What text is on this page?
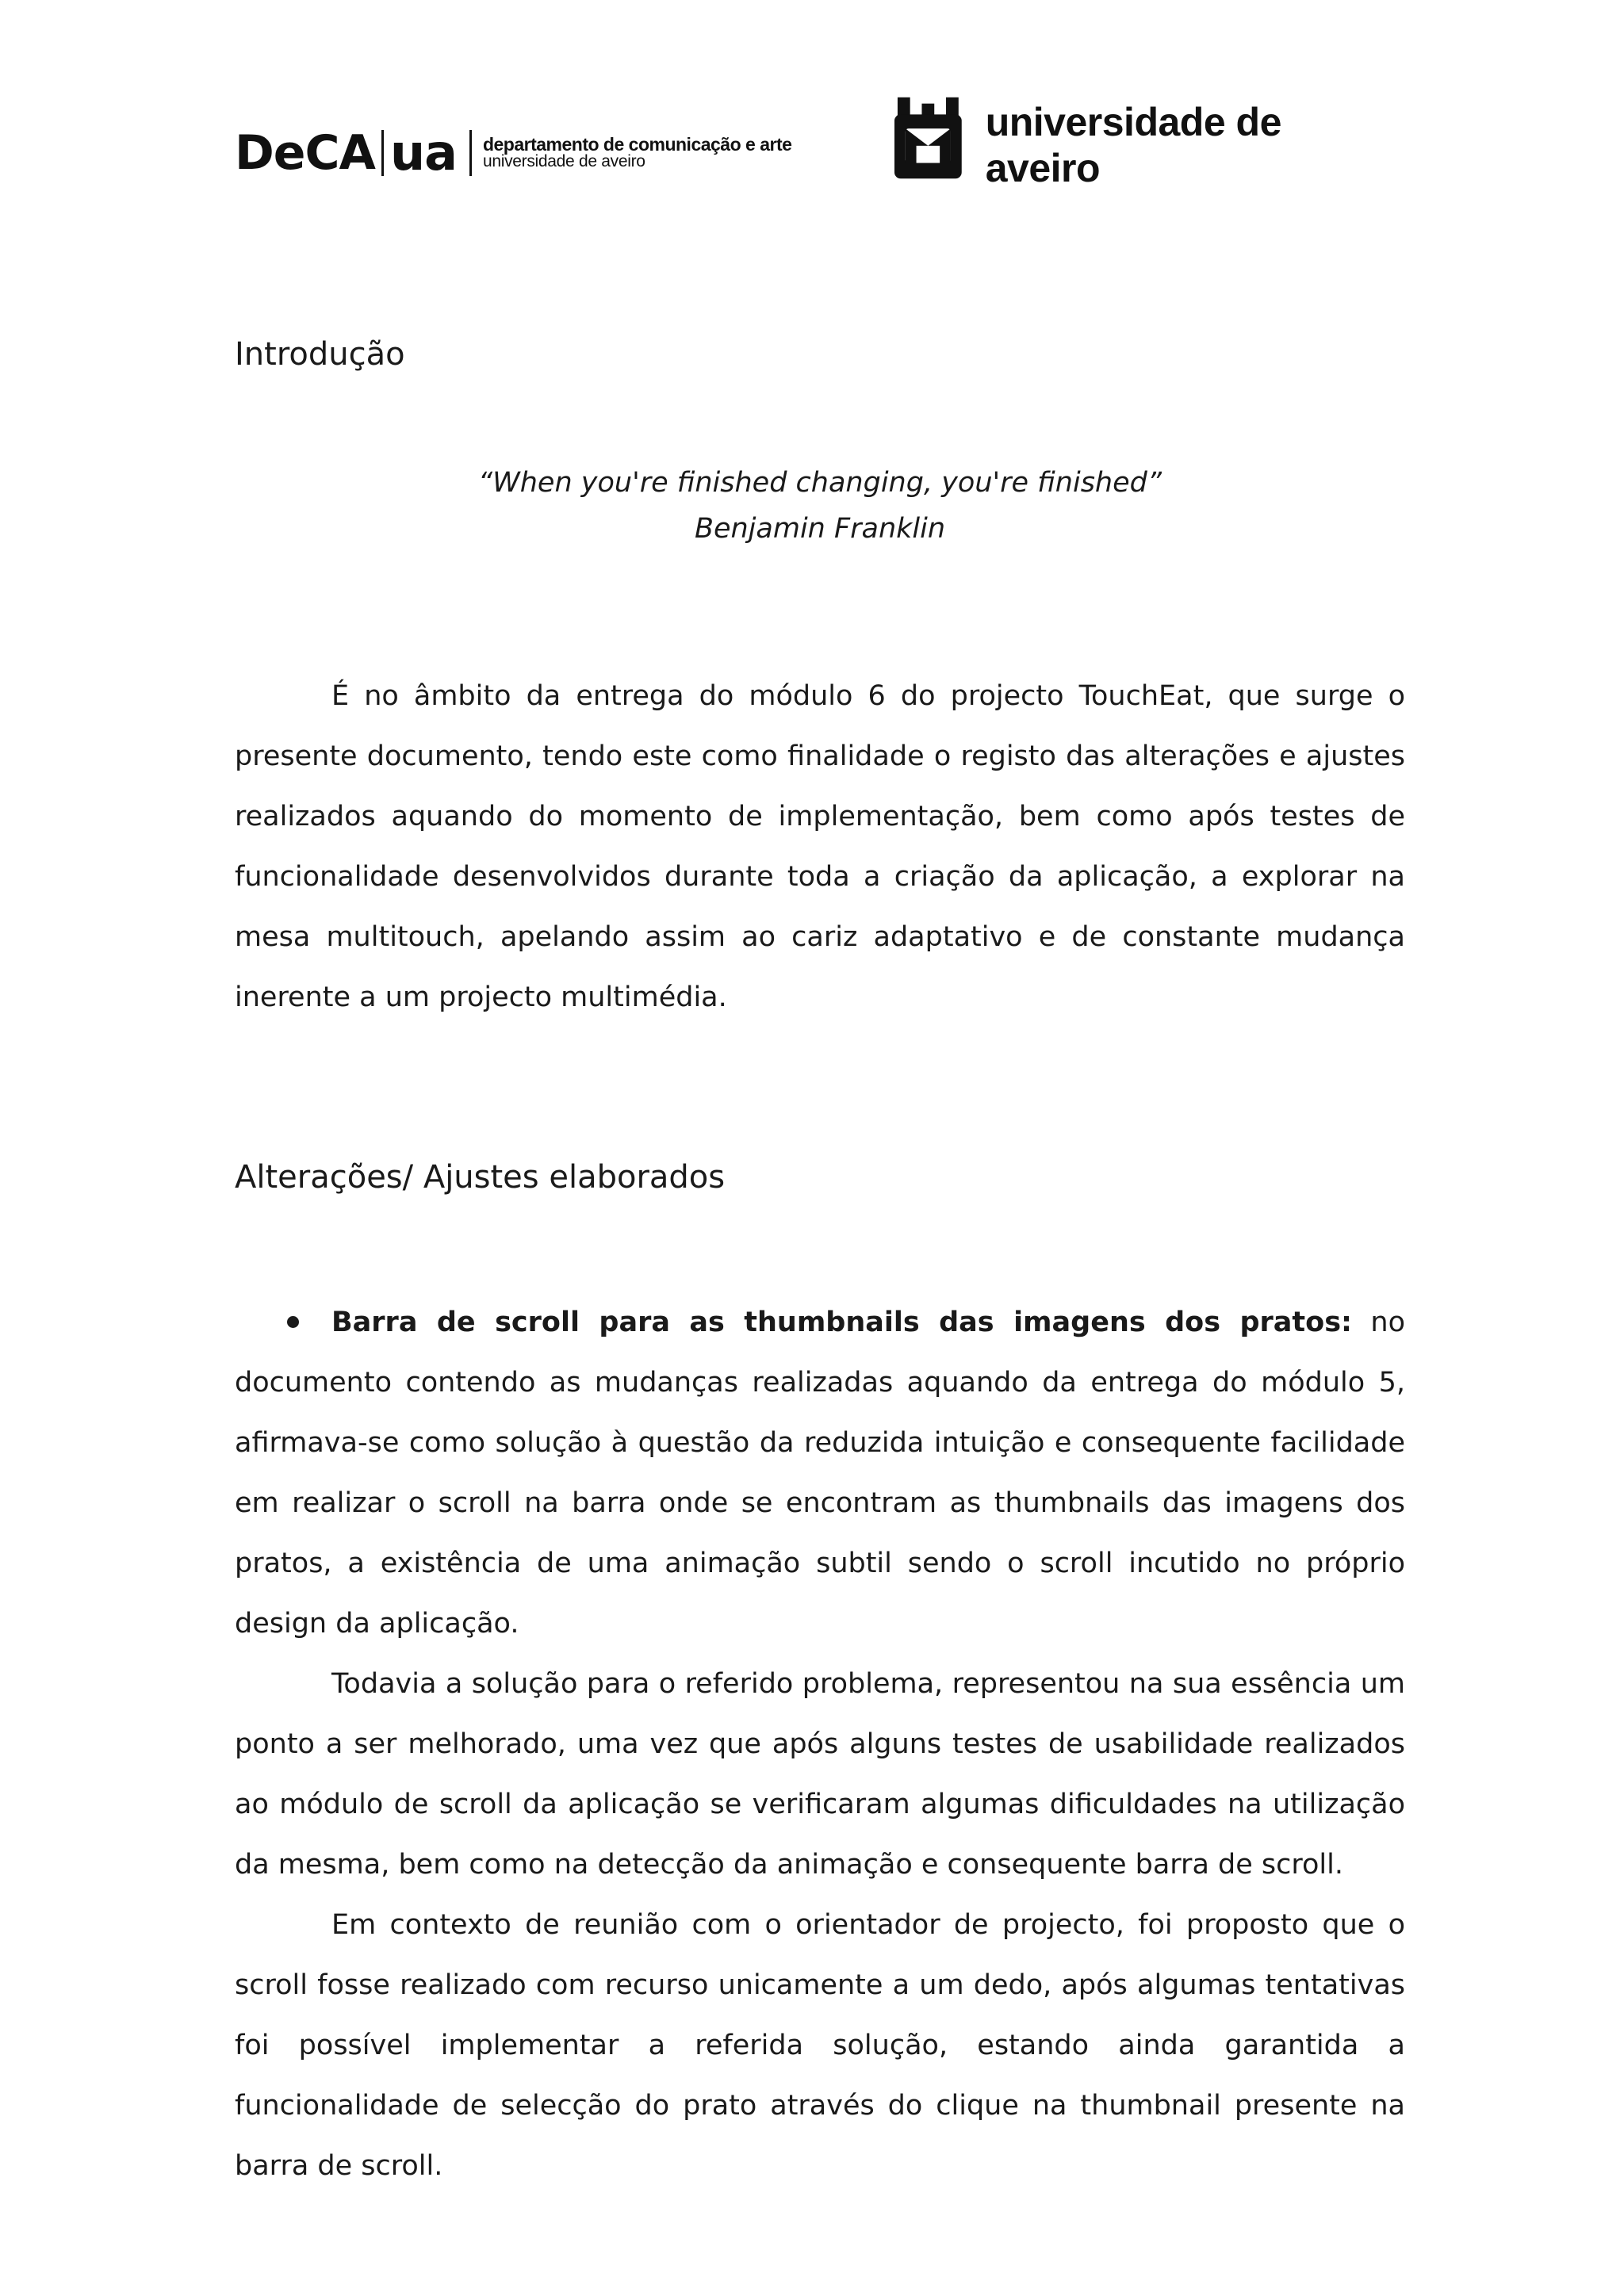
DeCA ua departamento de comunicação e arte
universidade de aveiro
universidade de aveiro
Introdução

“When you're finished changing, you're finished”

Benjamin Franklin

É no âmbito da entrega do módulo 6 do projecto TouchEat, que surge o presente documento, tendo este como finalidade o registo das alterações e ajustes realizados aquando do momento de implementação, bem como após testes de funcionalidade desenvolvidos durante toda a criação da aplicação, a explorar na mesa multitouch, apelando assim ao cariz adaptativo e de constante mudança inerente a um projecto multimédia.

Alterações/ Ajustes elaborados

Barra de scroll para as thumbnails das imagens dos pratos: no documento contendo as mudanças realizadas aquando da entrega do módulo 5, afirmava-se como solução à questão da reduzida intuição e consequente facilidade em realizar o scroll na barra onde se encontram as thumbnails das imagens dos pratos, a existência de uma animação subtil sendo o scroll incutido no próprio design da aplicação.

Todavia a solução para o referido problema, representou na sua essência um ponto a ser melhorado, uma vez que após alguns testes de usabilidade realizados ao módulo de scroll da aplicação se verificaram algumas dificuldades na utilização da mesma, bem como na detecção da animação e consequente barra de scroll.

Em contexto de reunião com o orientador de projecto, foi proposto que o scroll fosse realizado com recurso unicamente a um dedo, após algumas tentativas foi possível implementar a referida solução, estando ainda garantida a funcionalidade de selecção do prato através do clique na thumbnail presente na barra de scroll.
